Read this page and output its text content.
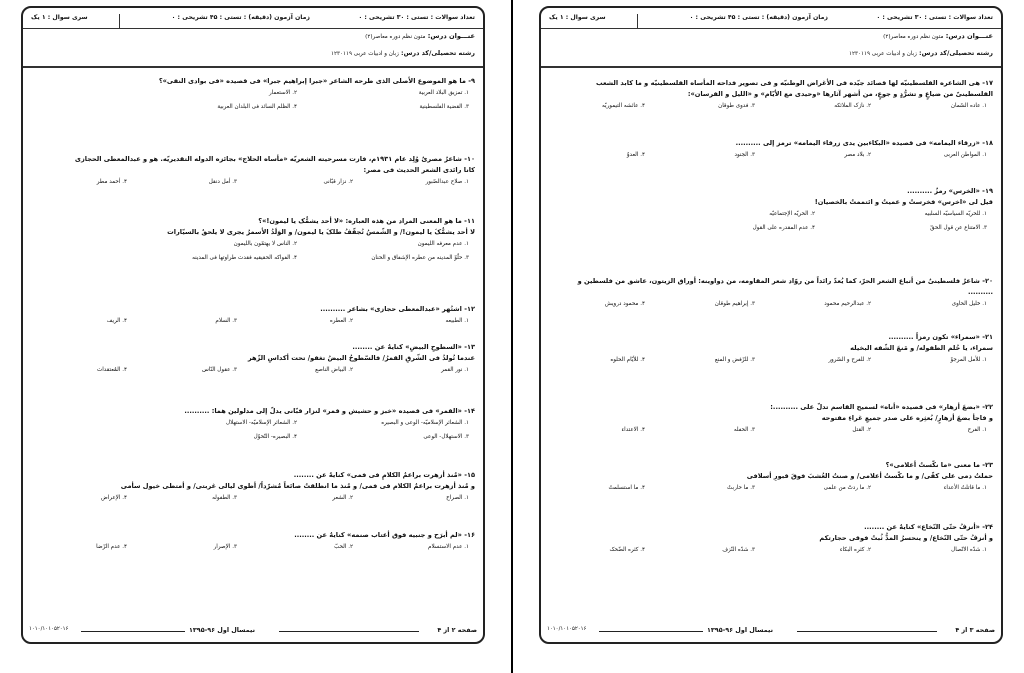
تعداد سوالات : تستی : ۳۰ تشریحی : ۰
زمان آزمون (دقیقه) : تستی : ۴۵ تشریحی : ۰
سری سوال : ۱ یک
عنـــوان درس: متون نظم دوره معاصر(۲)
رشته تحصیلی/کد درس: زبان و ادبیات عربی ۱۲۳۰۱۱۹
۹- ما هو الموضوع الأصلی الذی طرحه الشاعر «جبرا إبراهیم جبرا» فی قصیده «فی بوادی النفی»؟
۱. تمزیق البلاد العربیة
۲. الاستعمار
۳. القضیة الفلسطینیة
۴. الظلم السائد فی البلدان العربیة
۱۰- شاعرٌ مصریٌ وُلِد عام ۱۹۳۱م، فازت مسرحیته الشعریّه «مأساه الحلاج» بجائزه الدوله التقدیریّه. هو و عبدالمعطی الحجازی
کانا رائدی الشعر الحدیث فی مصر:
۱. صلاح عبدالصّبور
۲. نزار قبّانی
۳. أمل دنقل
۴. أحمد مطر
۱۱- ما هو المعنی المراد من هذه العباره: «لا أحد یشمُّک یا لیمون!»؟
لا أحد یشمُّکَ یا لیمون!/ و الشّمسُ تُجفّفُ طلکَ یا لیمون/ و الوَلَدُ الأسمرُ یجری لا یلحقُ بالسیّارات
۱. عدم معرفه اللیمون
۲. الناس لا یهتمّون باللیمون
۳. حلُوّ المدینه من عطره الإشفاق و الحنان
۴. الفواکه الحقیقیه فقدت طراوتها فی المدینه
۱۲- اشتُهر «عبدالمعطی حجازی» بشاعر ..........
۱. الطبیعه
۲. العطره
۳. السلام
۴. الریف
۱۳- «السطوحِ البیضِ» کنایهٌ عن ........
عندما تُولدُ فی الشّرقِ القمرُ/ فالسّطوحُ البیضُ تغفو/ تحت أکداسِ الزّهر
۱. نور القمر
۲. البیاض الناصع
۳. عقول النّاس
۴. المُعتقدات
۱۴- «القمر» فی قصیده «خبز و حشیش و قمر» لنزار قبّانی یدلّ إلی مدلولین هما: ..........
۱. الشعائر الإسلامیّه- الوعی و البصیره
۲. الشعائر الإسلامیّه- الاستهلال
۳. الاستهلال- الوعی
۴. البصیره- التّحوّل
۱۵- «مُنذ أزهرت براعمُ الکلامِ فی فمی» کنایهٌ عن ........
و مُنذ أزهرت براعمُ الکلام فی فمی/ و مُنذ ما انطلقتُ صائعاً مُشرّداً/ أطوی لیالی غربتی/ و أمتطی خیول سأمی
۱. الصراخ
۲. الشعر
۳. الطفوله
۴. الإعراض
۱۶- «لم أبرَح و جنبیه فوق أعتاب صنمه» کنایهٌ عن ........
۱. عدم الاستسلام
۲. الحبّ
۳. الإصرار
۴. عدم الرّضا
۱۰۱۰/۱۰۱۰۵۲۰۱۶	نیمسال اول ۹۶-۱۳۹۵	صفحه ۲ از ۴
تعداد سوالات : تستی : ۳۰ تشریحی : ۰
زمان آزمون (دقیقه) : تستی : ۴۵ تشریحی : ۰
سری سوال : ۱ یک
عنـــوان درس: متون نظم دوره معاصر(۲)
رشته تحصیلی/کد درس: زبان و ادبیات عربی ۱۲۳۰۱۱۹
۱۷- هی الشاعره الفلسطینیّه لها قصائد جیّده فی الأغراض الوطنیّه و فی تصویر فداحه المأساه الفلسطینیّه و ما کابد الشعب
الفلسطینیّ من ضیاعٍ و تشرُّدٍ و جوعٍ، من أشهر آثارها «وحیدی مع الأیّام» و «اللیل و الفرسان»:
۱. عاده السّمان
۲. نازک الملائکه
۳. فدوی طوقان
۴. عائشه التیموریّه
۱۸- «زرقاء الیمامه» فی قصیده «البکاءبین یدی زرقاء الیمامه» ترمز إلی ..........
۱. المواطن العربی
۲. بلاد مصر
۳. الجنود
۴. العدوّ
۱۹- «الخرس» رمزٌ ..........
قیل لی «اخرس» فخرستُ و عمیتُ و ائتممتُ بالخصیان!
۱. للحریّه السیاسیّه السلبیه
۲. الحریّه الإجتماعیّه
۳. الامتناع عن قول الحقّ
۴. عدم المقدره علی القول
۲۰- شاعرٌ فلسطینیٌ من أتباع الشعر الحرّ، کما یُعدّ رائداً من روّاد شعر المقاومه، من دواوینه: أوراق الزیتون، عاشق من فلسطین و
..........
۱. خلیل الحاوی
۲. عبدالرحیم محمود
۳. إبراهیم طوقان
۴. محمود درویش
۲۱- «سمراء» تکون رمزاً ..........
سمراء، یا حُلم الطفوله/ و مَنعَ الشّفه البخیله
۱. للأمل المرجوّ
۲. للفرح و السّرور
۳. للرّفض و المنع
۴. للأیّام الحلوه
۲۲- «بضعَ أزهار» فی قصیده «أناه» لسمیح القاسم تدلّ علی ..........:
و فاجأ بضعَ أزهارٍ/ بُعثِره علی صدر جمیعِ غراءِ مفتوحه
۱. الفرح
۲. القتل
۳. الحفله
۴. الاعتداء
۲۳- ما معنی «ما نکّستُ أعلامی»؟
حملتُ دمی علی کفّی/ و ما نکّستُ أعلامی/ و صنتُ العُشبَ فوقَ قبورِ أسلافی
۱. ما قاتلتُ الأعداء
۲. ما ردتُ من علمی
۳. ما حاربتُ
۴. ما استسلمتُ
۲۴- «أنزفُ حتّی النّخاع» کنایهٌ عن ........
و أنزفُ حتّی النّخاع/ و ینحسرُ المدُّ ثُبتُ فوقی حجارتکم
۱. شدّه الاتّصال
۲. کثره البکاء
۳. شدّه النّزف
۴. کثره الضّحک
۱۰۱۰/۱۰۱۰۵۲۰۱۶	نیمسال اول ۹۶-۱۳۹۵	صفحه ۳ از ۴
